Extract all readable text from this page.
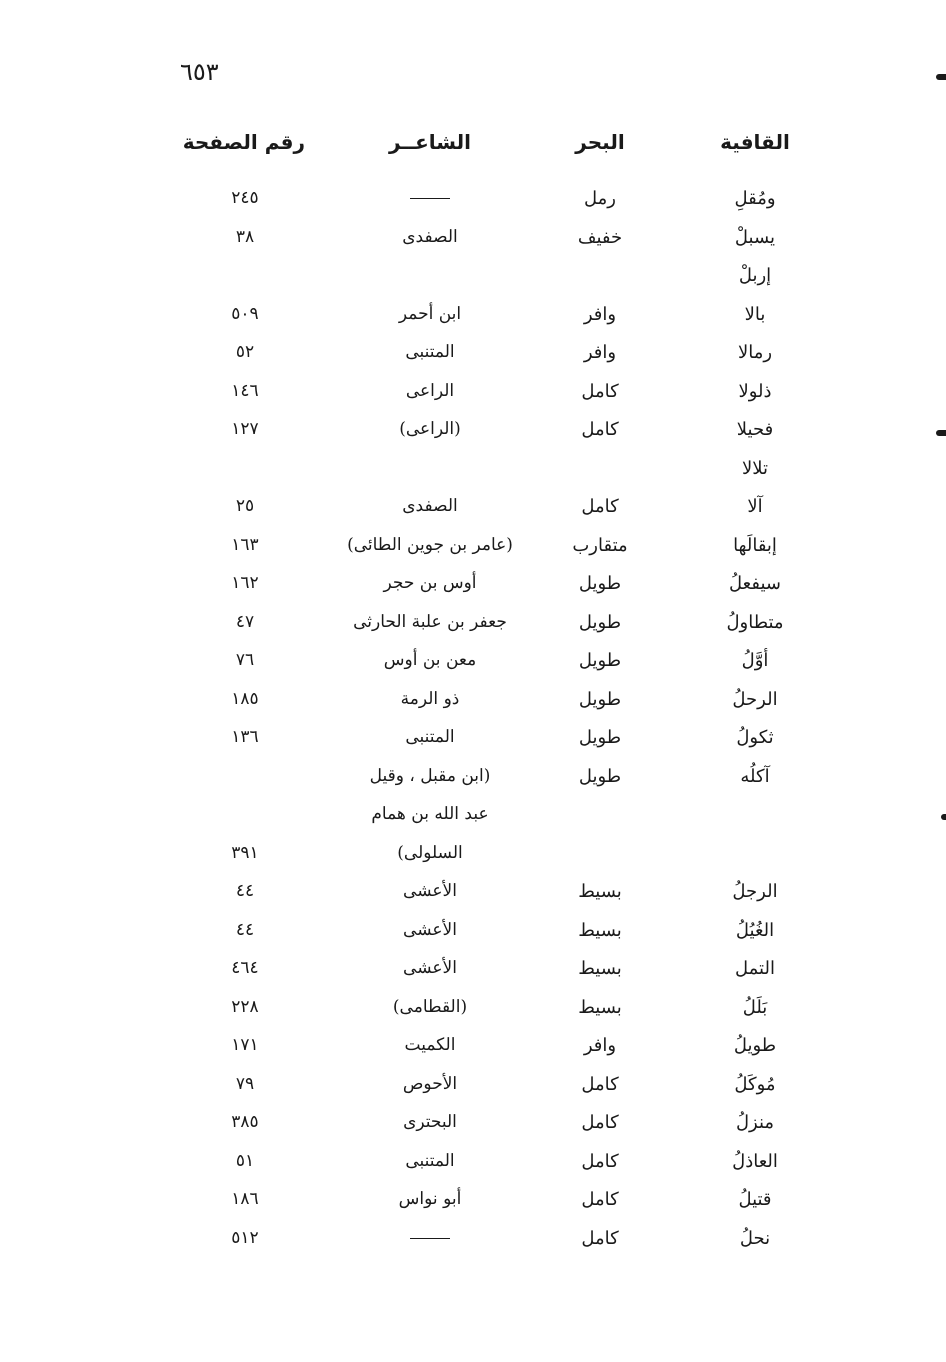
٦٥٣
القافية
البحر
الشاعــر
رقم الصفحة
ومُقلِ
رمل
٢٤٥
يسبلْ
خفيف
الصفدى
٣٨
إربلْ
بالا
وافر
ابن أحمر
٥٠٩
رمالا
وافر
المتنبى
٥٢
ذلولا
كامل
الراعى
١٤٦
فحيلا
كامل
(الراعى)
١٢٧
تلالا
آلا
كامل
الصفدى
٢٥
إبقالَها
متقارب
(عامر بن جوين الطائى)
١٦٣
سيفعلُ
طويل
أوس بن حجر
١٦٢
متطاولُ
طويل
جعفر بن علبة الحارثى
٤٧
أوَّلُ
طويل
معن بن أوس
٧٦
الرحلُ
طويل
ذو الرمة
١٨٥
ثكولُ
طويل
المتنبى
١٣٦
آكلُه
طويل
(ابن مقبل ، وقيل
عبد الله بن همام
السلولى)
٣٩١
الرجلُ
بسيط
الأعشى
٤٤
الغُيُلُ
بسيط
الأعشى
٤٤
التمل
بسيط
الأعشى
٤٦٤
بَلَلُ
بسيط
(القطامى)
٢٢٨
طويلُ
وافر
الكميت
١٧١
مُوكَلُ
كامل
الأحوص
٧٩
منزلُ
كامل
البحترى
٣٨٥
العاذلُ
كامل
المتنبى
٥١
قتيلُ
كامل
أبو نواس
١٨٦
نحلُ
كامل
٥١٢
